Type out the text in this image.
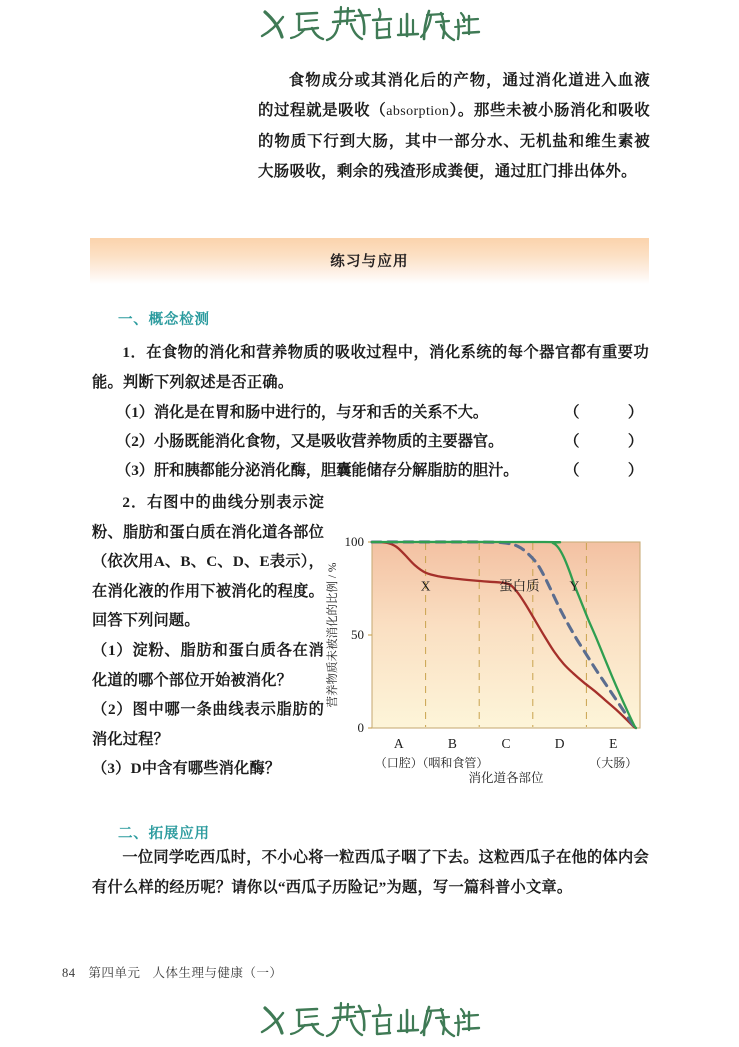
食物成分或其消化后的产物，通过消化道进入血液的过程就是吸收（absorption）。那些未被小肠消化和吸收的物质下行到大肠，其中一部分水、无机盐和维生素被大肠吸收，剩余的残渣形成粪便，通过肛门排出体外。
练习与应用
一、概念检测
1．在食物的消化和营养物质的吸收过程中，消化系统的每个器官都有重要功能。判断下列叙述是否正确。
（　　）
（1）消化是在胃和肠中进行的，与牙和舌的关系不大。
（　　）
（2）小肠既能消化食物，又是吸收营养物质的主要器官。
（　　）
（3）肝和胰都能分泌消化酶，胆囊能储存分解脂肪的胆汁。

2．右图中的曲线分别表示淀粉、脂肪和蛋白质在消化道各部位（依次用A、B、C、D、E表示），在消化液的作用下被消化的程度。回答下列问题。

（1）淀粉、脂肪和蛋白质各在消化道的哪个部位开始被消化？

（2）图中哪一条曲线表示脂肪的消化过程？

（3）D中含有哪些消化酶？

100
50
0
X	蛋白质 Y
A	B	C	D	E
（口腔）
（咽和食管）	（大肠）
营养物质未被消化的比例 / %
消化道各部位
二、拓展应用
一位同学吃西瓜时，不小心将一粒西瓜子咽了下去。这粒西瓜子在他的体内会有什么样的经历呢？请你以“西瓜子历险记”为题，写一篇科普小文章。
84 第四单元 人体生理与健康（一）
